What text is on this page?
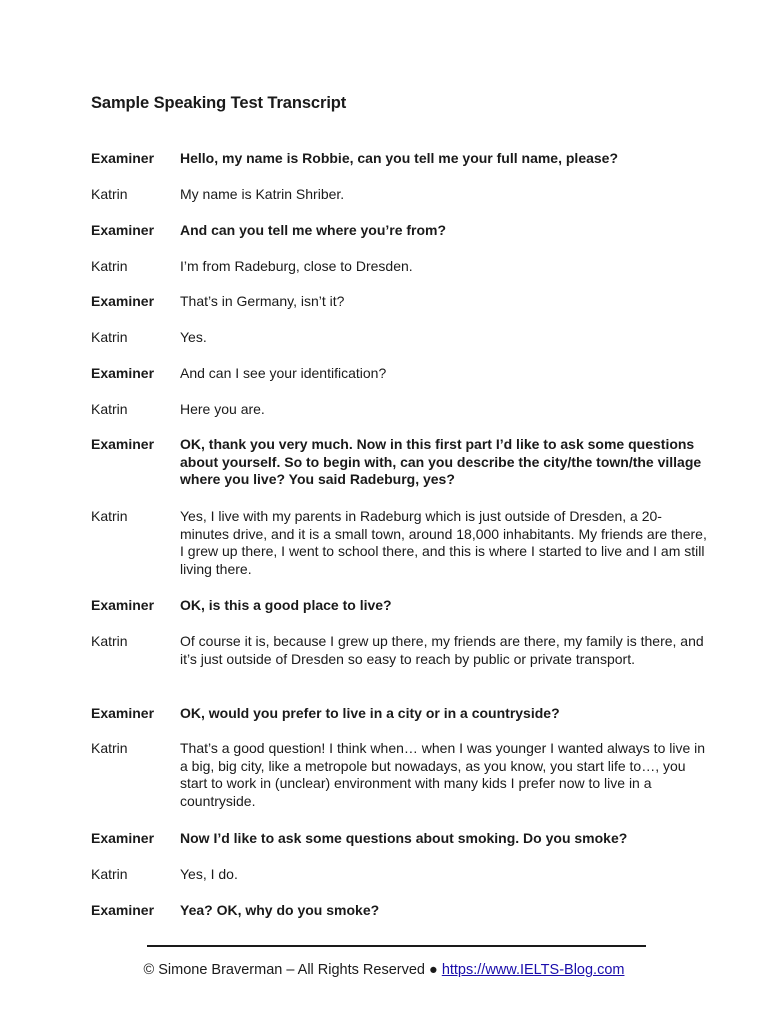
Sample Speaking Test Transcript
Examiner	Hello, my name is Robbie, can you tell me your full name, please?
Katrin	My name is Katrin Shriber.
Examiner	And can you tell me where you’re from?
Katrin	I’m from Radeburg, close to Dresden.
Examiner	That’s in Germany, isn’t it?
Katrin	Yes.
Examiner	And can I see your identification?
Katrin	Here you are.
Examiner	OK, thank you very much. Now in this first part I’d like to ask some questions about yourself. So to begin with, can you describe the city/the town/the village where you live? You said Radeburg, yes?
Katrin	Yes, I live with my parents in Radeburg which is just outside of Dresden, a 20-minutes drive, and it is a small town, around 18,000 inhabitants. My friends are there, I grew up there, I went to school there, and this is where I started to live and I am still living there.
Examiner	OK, is this a good place to live?
Katrin	Of course it is, because I grew up there, my friends are there, my family is there, and it’s just outside of Dresden so easy to reach by public or private transport.
Examiner	OK, would you prefer to live in a city or in a countryside?
Katrin	That’s a good question! I think when… when I was younger I wanted always to live in a big, big city, like a metropole but nowadays, as you know, you start life to…, you start to work in (unclear) environment with many kids I prefer now to live in a countryside.
Examiner	Now I’d like to ask some questions about smoking. Do you smoke?
Katrin	Yes, I do.
Examiner	Yea? OK, why do you smoke?
© Simone Braverman – All Rights Reserved ● https://www.IELTS-Blog.com
